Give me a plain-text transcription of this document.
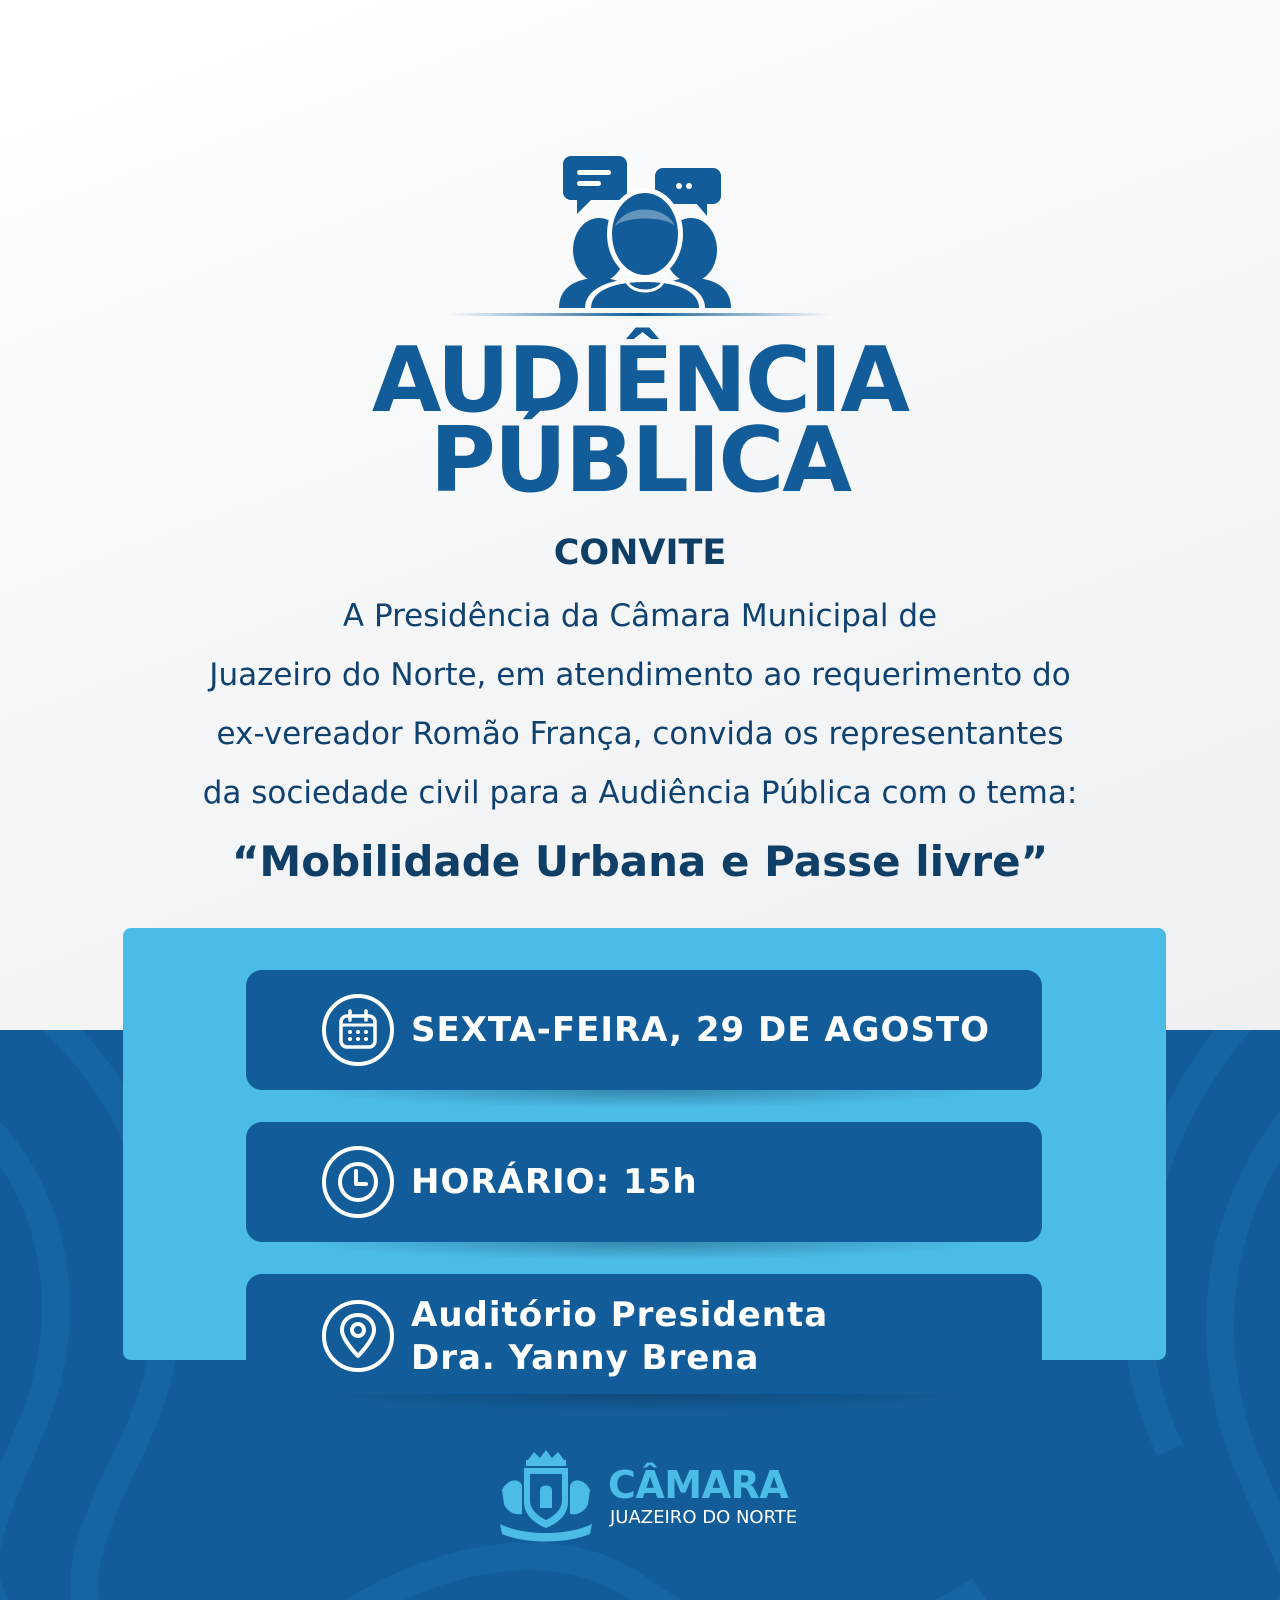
AUDIÊNCIA
PÚBLICA
CONVITE
A Presidência da Câmara Municipal de
Juazeiro do Norte, em atendimento ao requerimento do
ex-vereador Romão França, convida os representantes
da sociedade civil para a Audiência Pública com o tema:
“Mobilidade Urbana e Passe livre”
SEXTA-FEIRA, 29 DE AGOSTO
HORÁRIO: 15h
Auditório Presidenta
Dra. Yanny Brena
CÂMARA
JUAZEIRO DO NORTE
